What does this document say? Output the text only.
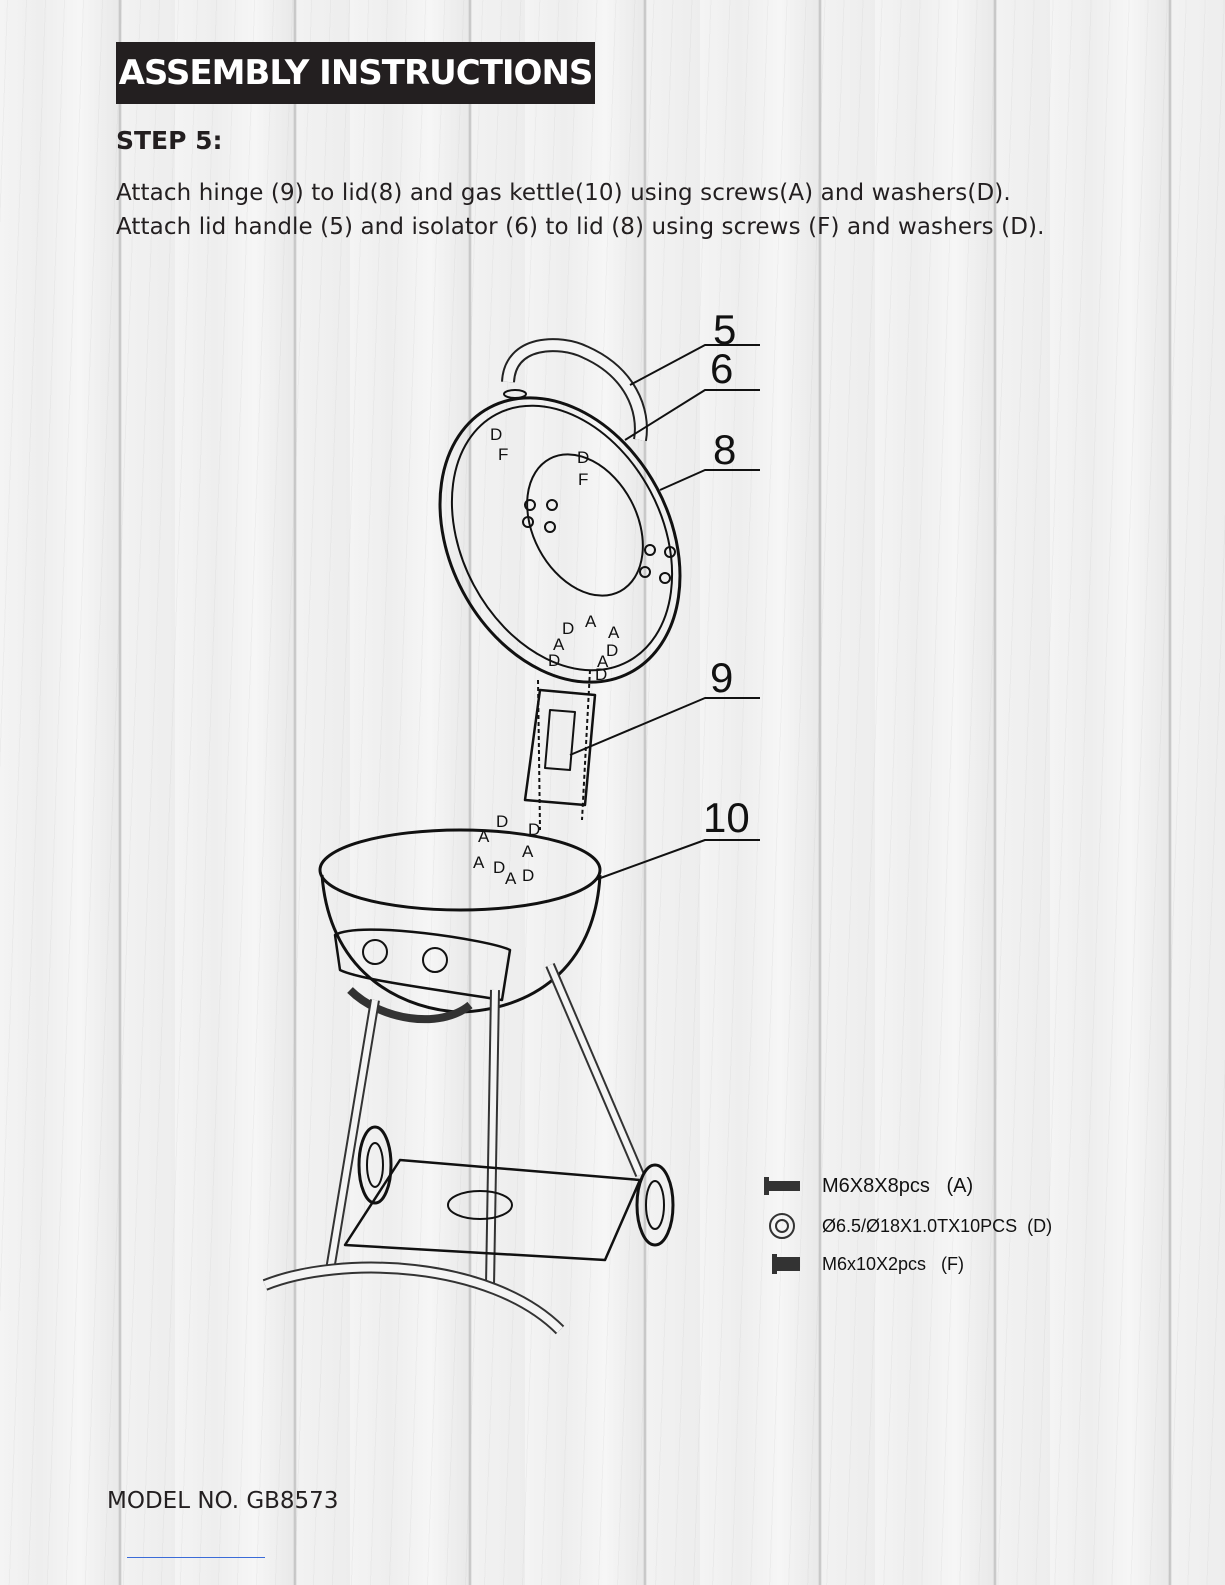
ASSEMBLY INSTRUCTIONS
STEP 5:
Attach hinge (9) to lid(8) and gas kettle(10) using screws(A) and washers(D).
Attach lid handle (5) and isolator (6) to lid (8) using screws (F) and washers (D).
D
F	D
F
D A
A
A D
D A
D
D D
A
A
A D
A D
5
6
8
9
10
M6X8X8pcs   (A)
Ø6.5/Ø18X1.0TX10PCS  (D)
M6x10X2pcs   (F)
MODEL NO. GB8573
